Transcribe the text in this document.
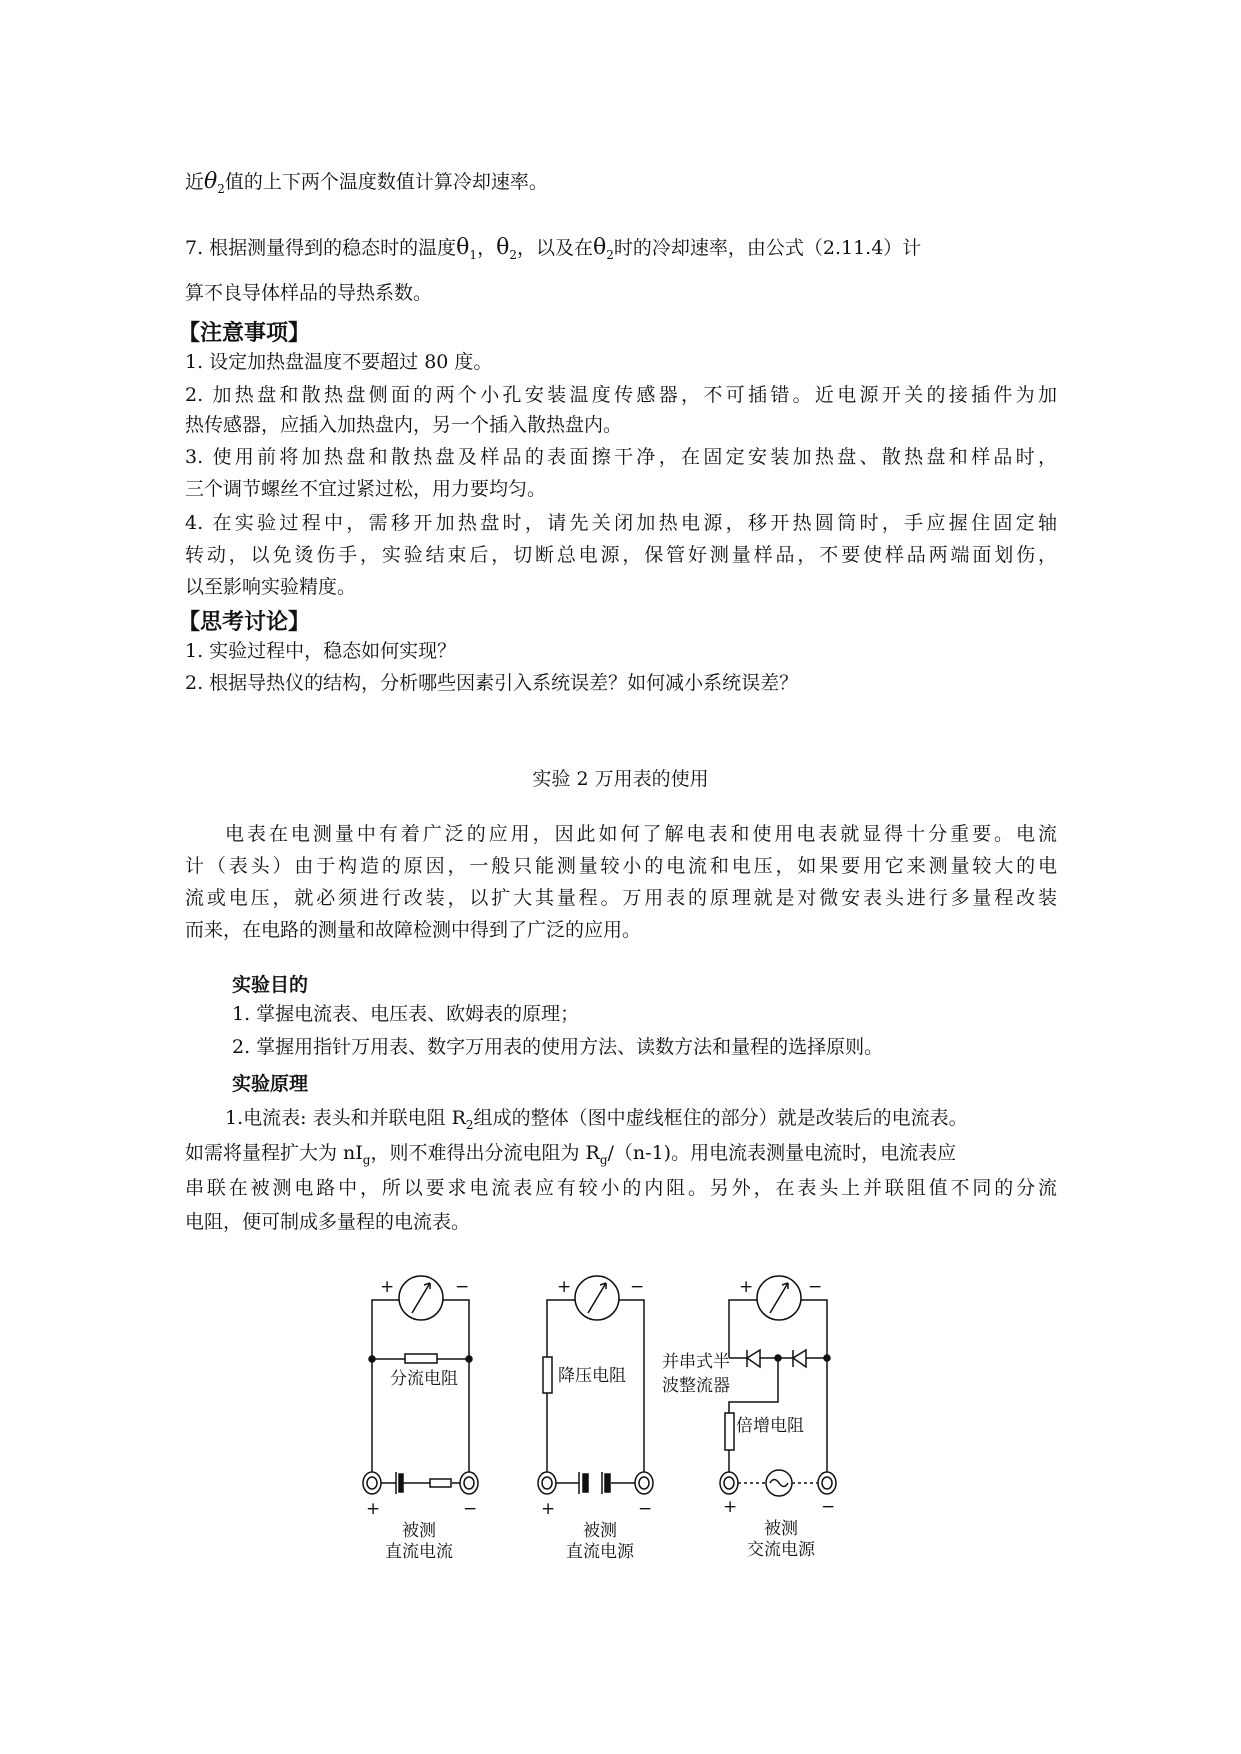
近$\theta_2$值的上下两个温度数值计算冷却速率。
7. 根据测量得到的稳态时的温度$\theta_1$，$\theta_2$，以及在$\theta_2$时的冷却速率，由公式（2.11.4）计
算不良导体样品的导热系数。
【注意事项】
1. 设定加热盘温度不要超过 80 度。
2. 加热盘和散热盘侧面的两个小孔安装温度传感器，不可插错。近电源开关的接插件为加
热传感器，应插入加热盘内，另一个插入散热盘内。
3. 使用前将加热盘和散热盘及样品的表面擦干净，在固定安装加热盘、散热盘和样品时，
三个调节螺丝不宜过紧过松，用力要均匀。
4. 在实验过程中，需移开加热盘时，请先关闭加热电源，移开热圆筒时，手应握住固定轴
转动，以免烫伤手，实验结束后，切断总电源，保管好测量样品，不要使样品两端面划伤，
以至影响实验精度。
【思考讨论】
1. 实验过程中，稳态如何实现？
2. 根据导热仪的结构，分析哪些因素引入系统误差？如何减小系统误差？
实验 2 万用表的使用
电表在电测量中有着广泛的应用，因此如何了解电表和使用电表就显得十分重要。电流
计（表头）由于构造的原因，一般只能测量较小的电流和电压，如果要用它来测量较大的电
流或电压，就必须进行改装，以扩大其量程。万用表的原理就是对微安表头进行多量程改装
而来，在电路的测量和故障检测中得到了广泛的应用。
实验目的
1. 掌握电流表、电压表、欧姆表的原理；
2. 掌握用指针万用表、数字万用表的使用方法、读数方法和量程的选择原则。
实验原理
1.电流表: 表头和并联电阻 $R_2$组成的整体（图中虚线框住的部分）就是改装后的电流表。
如需将量程扩大为 $nI_g$，则不难得出分流电阻为 $R_g/(n-1)$。用电流表测量电流时，电流表应
串联在被测电路中，所以要求电流表应有较小的内阻。另外，在表头上并联阻值不同的分流
电阻，便可制成多量程的电流表。
+	−	+	−	+	−
+	−	+	−	+	−
分流电阻
被测
直流电流
降压电阻
被测
直流电源
并串式半
波整流器
倍增电阻
被测
交流电源
